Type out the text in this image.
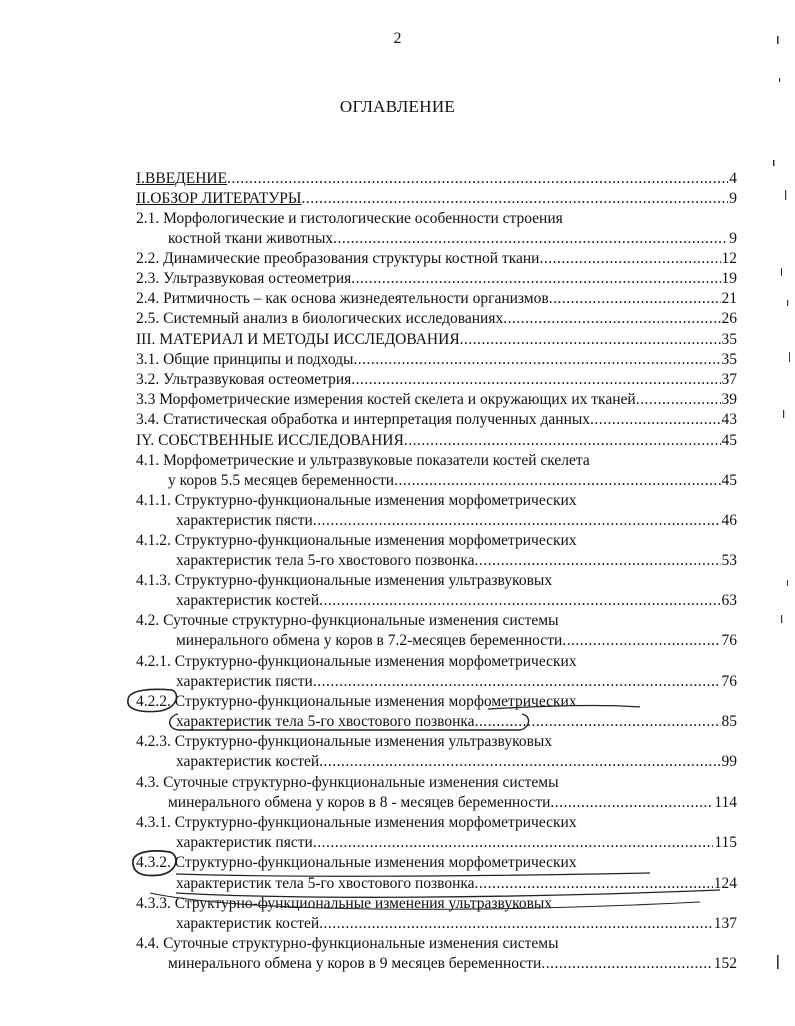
2
ОГЛАВЛЕНИЕ
I.ВВЕДЕНИЕ .....	4
II.ОБЗОР ЛИТЕРАТУРЫ .....	9
2.1. Морфологические и гистологические особенности строения
костной ткани животных .....	9
2.2. Динамические преобразования структуры костной ткани .....	12
2.3. Ультразвуковая остеометрия .....	19
2.4. Ритмичность – как основа жизнедеятельности организмов .....	21
2.5. Системный анализ в биологических исследованиях .....	26
III. МАТЕРИАЛ И МЕТОДЫ ИССЛЕДОВАНИЯ .....	35
3.1. Общие принципы и подходы .....	35
3.2. Ультразвуковая остеометрия .....	37
3.3 Морфометрические измерения костей скелета и окружающих их тканей .....	39
3.4. Статистическая обработка и интерпретация полученных данных .....	43
IY. СОБСТВЕННЫЕ ИССЛЕДОВАНИЯ .....	45
4.1. Морфометрические и ультразвуковые показатели костей скелета
у коров 5.5 месяцев беременности .....	45
4.1.1. Структурно-функциональные изменения морфометрических
характеристик пясти .....	46
4.1.2. Структурно-функциональные изменения морфометрических
характеристик тела 5-го хвостового позвонка .....	53
4.1.3. Структурно-функциональные изменения ультразвуковых
характеристик костей .....	63
4.2. Суточные структурно-функциональные изменения системы
минерального обмена у коров в 7.2-месяцев беременности .....	76
4.2.1. Структурно-функциональные изменения морфометрических
характеристик пясти .....	76
4.2.2. Структурно-функциональные изменения морфометрических
характеристик тела 5-го хвостового позвонка .....	85
4.2.3. Структурно-функциональные изменения ультразвуковых
характеристик костей .....	99
4.3. Суточные структурно-функциональные изменения системы
минерального обмена у коров в 8 - месяцев беременности .....	114
4.3.1. Структурно-функциональные изменения морфометрических
характеристик пясти .....	115
4.3.2. Структурно-функциональные изменения морфометрических
характеристик тела 5-го хвостового позвонка .....	124
4.3.3. Структурно-функциональные изменения ультразвуковых
характеристик костей .....	137
4.4. Суточные структурно-функциональные изменения системы
минерального обмена у коров в 9 месяцев беременности .....	152
